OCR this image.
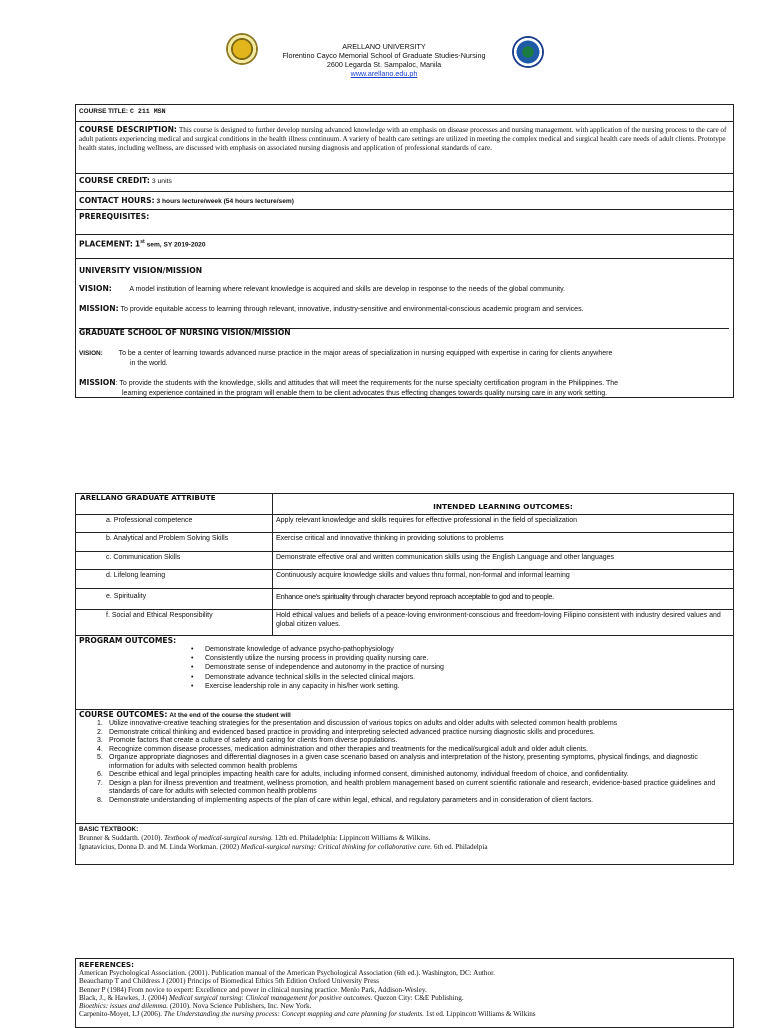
ARELLANO UNIVERSITY
Florentino Cayco Memorial School of Graduate Studies-Nursing
2600 Legarda St. Sampaloc, Manila
www.arellano.edu.ph
COURSE TITLE: C 211 MSN
COURSE DESCRIPTION: This course is designed to further develop nursing advanced knowledge with an emphasis on disease processes and nursing management. with application of the nursing process to the care of adult patients experiencing medical and surgical conditions in the health illness continuum. A variety of health care settings are utilized in meeting the complex medical and surgical health care needs of adult clients. Prototype health states, including wellness, are discussed with emphasis on associated nursing diagnosis and application of professional standards of care.
COURSE CREDIT: 3 units
CONTACT HOURS: 3 hours lecture/week (54 hours lecture/sem)
PREREQUISITES:
PLACEMENT: 1st sem, SY 2019-2020
UNIVERSITY VISION/MISSION
VISION:	A model institution of learning where relevant knowledge is acquired and skills are develop in response to the needs of the global community.
MISSION: To provide equitable access to learning through relevant, innovative, industry-sensitive and environmental-conscious academic program and services.
GRADUATE SCHOOL OF NURSING VISION/MISSION
VISION: To be a center of learning towards advanced nurse practice in the major areas of specialization in nursing equipped with expertise in caring for clients anywhere
in the world.
MISSION: To provide the students with the knowledge, skills and attitudes that will meet the requirements for the nurse specialty certification program in the Philippines. The
learning experience contained in the program will enable them to be client advocates thus effecting changes towards quality nursing care in any work setting.
ARELLANO GRADUATE ATTRIBUTE
INTENDED LEARNING OUTCOMES:
a. Professional competence	Apply relevant knowledge and skills requires for effective professional in the field of specialization
b. Analytical and Problem Solving Skills	Exercise critical and innovative thinking in providing solutions to problems
c. Communication Skills	Demonstrate effective oral and written communication skills using the English Language and other languages
d. Lifelong learning	Continuously acquire knowledge skills and values thru formal, non-formal and informal learning
e. Spirituality	Enhance one's spirituality through character beyond reproach acceptable to god and to people.
f. Social and Ethical Responsibility	Hold ethical values and beliefs of a peace-loving environment-conscious and freedom-loving Filipino consistent with industry desired values and global citizen values.
PROGRAM OUTCOMES:
• Demonstrate knowledge of advance psycho-pathophysiology
• Consistently utilize the nursing process in providing quality nursing care.
• Demonstrate sense of independence and autonomy in the practice of nursing
• Demonstrate advance technical skills in the selected clinical majors.
• Exercise leadership role in any capacity in his/her work setting.
COURSE OUTCOMES: At the end of the course the student will
1. Utilize innovative-creative teaching strategies for the presentation and discussion of various topics on adults and older adults with selected common health problems
2. Demonstrate critical thinking and evidenced based practice in providing and interpreting selected advanced practice nursing diagnostic skills and procedures.
3. Promote factors that create a culture of safety and caring for clients from diverse populations.
4. Recognize common disease processes, medication administration and other therapies and treatments for the medical/surgical adult and older adult clients.
5. Organize appropriate diagnoses and differential diagnoses in a given case scenario based on analysis and interpretation of the history, presenting symptoms, physical findings, and diagnostic information for adults with selected common health problems
6. Describe ethical and legal principles impacting health care for adults, including informed consent, diminished autonomy, individual freedom of choice, and confidentiality.
7. Design a plan for illness prevention and treatment, wellness promotion, and health problem management based on current scientific rationale and research, evidence-based practice guidelines and standards of care for adults with selected common health problems
8. Demonstrate understanding of implementing aspects of the plan of care within legal, ethical, and regulatory parameters and in consideration of client factors.
BASIC TEXTBOOK:
Brunner & Suddarth. (2010). Textbook of medical-surgical nursing. 12th ed. Philadelphia: Lippincott Williams & Wilkins.
Ignatavicius, Donna D. and M. Linda Workman. (2002) Medical-surgical nursing: Critical thinking for collaborative care. 6th ed. Philadelpia
REFERENCES:
American Psychological Association. (2001). Publication manual of the American Psychological Association (6th ed.). Washington, DC: Author.
Beauchamp T and Childress J (2001) Princips of Biomedical Ethics 5th Edition Oxford University Press
Benner P (1984) From novice to expert: Excellence and power in clinical nursing practice. Menlo Park, Addison-Wesley.
Black, J., & Hawkes, J. (2004) Medical surgical nursing: Clinical management for positive outcomes. Quezon City: C&E Publishing.
Bioethics: issues and dilemma. (2010). Nova Science Publishers, Inc. New York.
Carpenito-Moyet, LJ (2006). The Understanding the nursing process: Concept mapping and care planning for students. 1st ed. Lippincott Williams & Wilkins
